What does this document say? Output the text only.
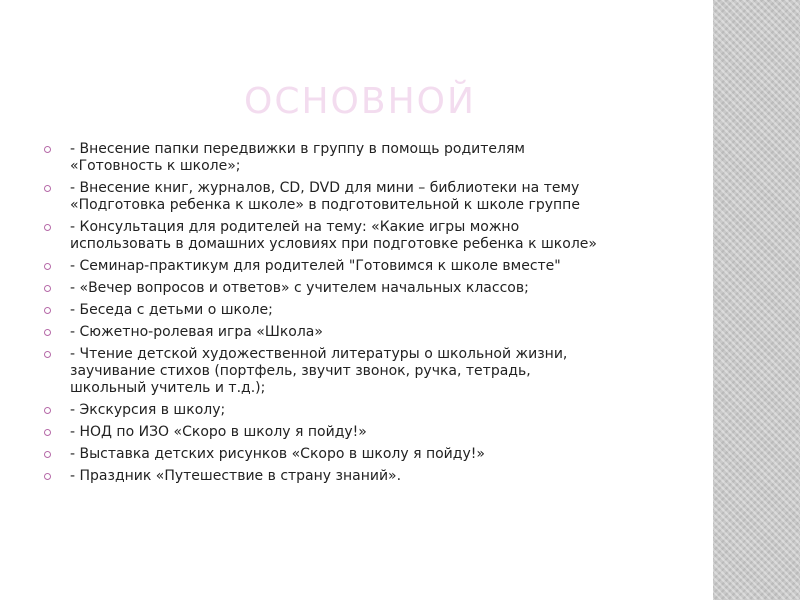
ОСНОВНОЙ
- Внесение папки передвижки в группу в помощь родителям
«Готовность к школе»;
- Внесение книг, журналов, CD, DVD для мини – библиотеки на тему
«Подготовка ребенка к школе» в подготовительной к школе группе
- Консультация для родителей на тему: «Какие игры можно
использовать в домашних условиях при подготовке ребенка к школе»
- Семинар-практикум для родителей "Готовимся к школе вместе"
- «Вечер вопросов и ответов» с учителем начальных классов;
- Беседа с детьми о школе;
- Сюжетно-ролевая игра «Школа»
- Чтение детской художественной литературы о школьной жизни,
заучивание стихов (портфель, звучит звонок, ручка, тетрадь,
школьный учитель и т.д.);
- Экскурсия в школу;
- НОД по ИЗО «Скоро в школу я пойду!»
- Выставка детских рисунков «Скоро в школу я пойду!»
- Праздник «Путешествие в страну знаний».
